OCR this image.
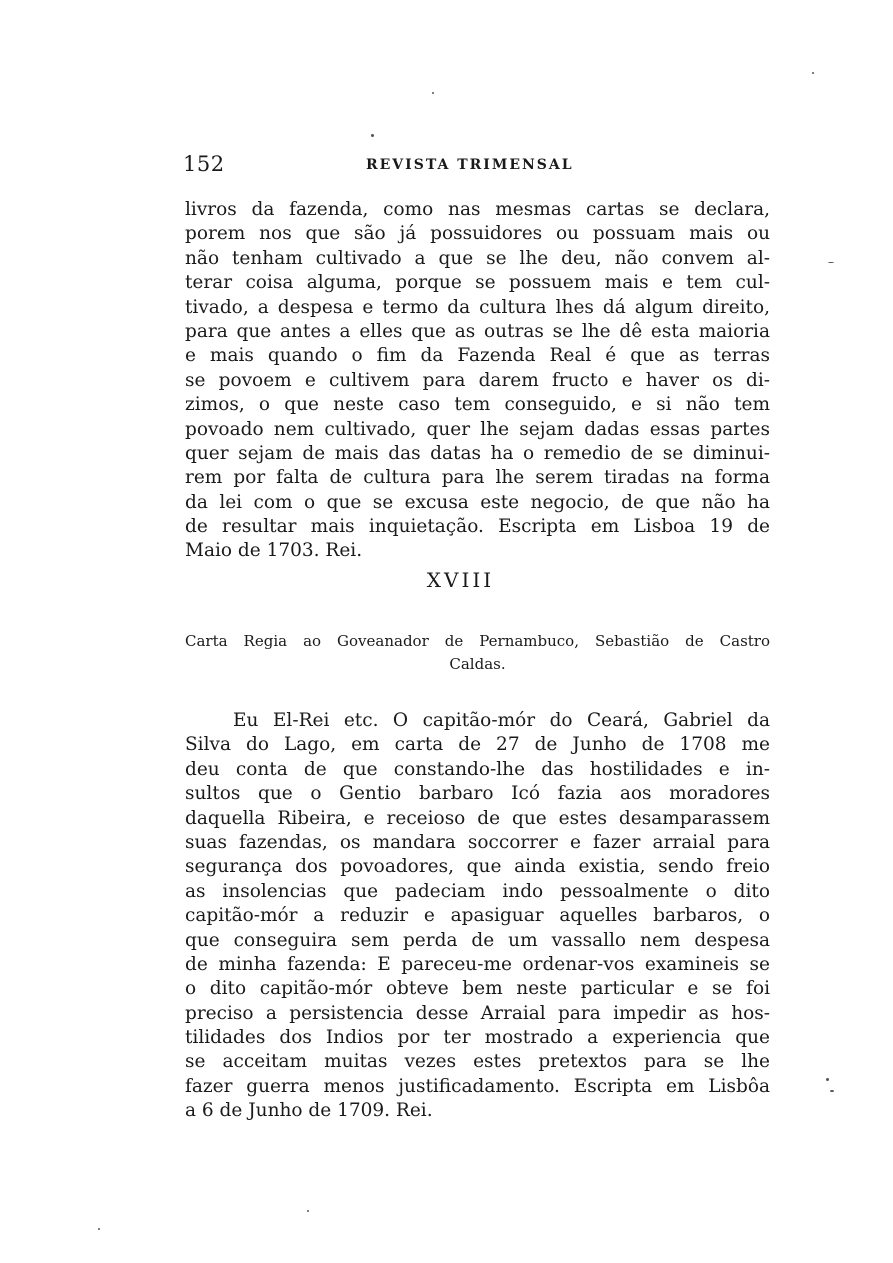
152	REVISTA TRIMENSAL
livros da fazenda, como nas mesmas cartas se declara,
porem nos que são já possuidores ou possuam mais ou
não tenham cultivado a que se lhe deu, não convem al-
terar coisa alguma, porque se possuem mais e tem cul-
tivado, a despesa e termo da cultura lhes dá algum direito,
para que antes a elles que as outras se lhe dê esta maioria
e mais quando o fim da Fazenda Real é que as terras
se povoem e cultivem para darem fructo e haver os di-
zimos, o que neste caso tem conseguido, e si não tem
povoado nem cultivado, quer lhe sejam dadas essas partes
quer sejam de mais das datas ha o remedio de se diminui-
rem por falta de cultura para lhe serem tiradas na forma
da lei com o que se excusa este negocio, de que não ha
de resultar mais inquietação. Escripta em Lisboa 19 de
Maio de 1703. Rei.
XVIII
Carta Regia ao Goveanador de Pernambuco, Sebastião de Castro
Caldas.
Eu El-Rei etc. O capitão-mór do Ceará, Gabriel da
Silva do Lago, em carta de 27 de Junho de 1708 me
deu conta de que constando-lhe das hostilidades e in-
sultos que o Gentio barbaro Icó fazia aos moradores
daquella Ribeira, e receioso de que estes desamparassem
suas fazendas, os mandara soccorrer e fazer arraial para
segurança dos povoadores, que ainda existia, sendo freio
as insolencias que padeciam indo pessoalmente o dito
capitão-mór a reduzir e apasiguar aquelles barbaros, o
que conseguira sem perda de um vassallo nem despesa
de minha fazenda: E pareceu-me ordenar-vos examineis se
o dito capitão-mór obteve bem neste particular e se foi
preciso a persistencia desse Arraial para impedir as hos-
tilidades dos Indios por ter mostrado a experiencia que
se acceitam muitas vezes estes pretextos para se lhe
fazer guerra menos justificadamento. Escripta em Lisbôa
a 6 de Junho de 1709. Rei.
